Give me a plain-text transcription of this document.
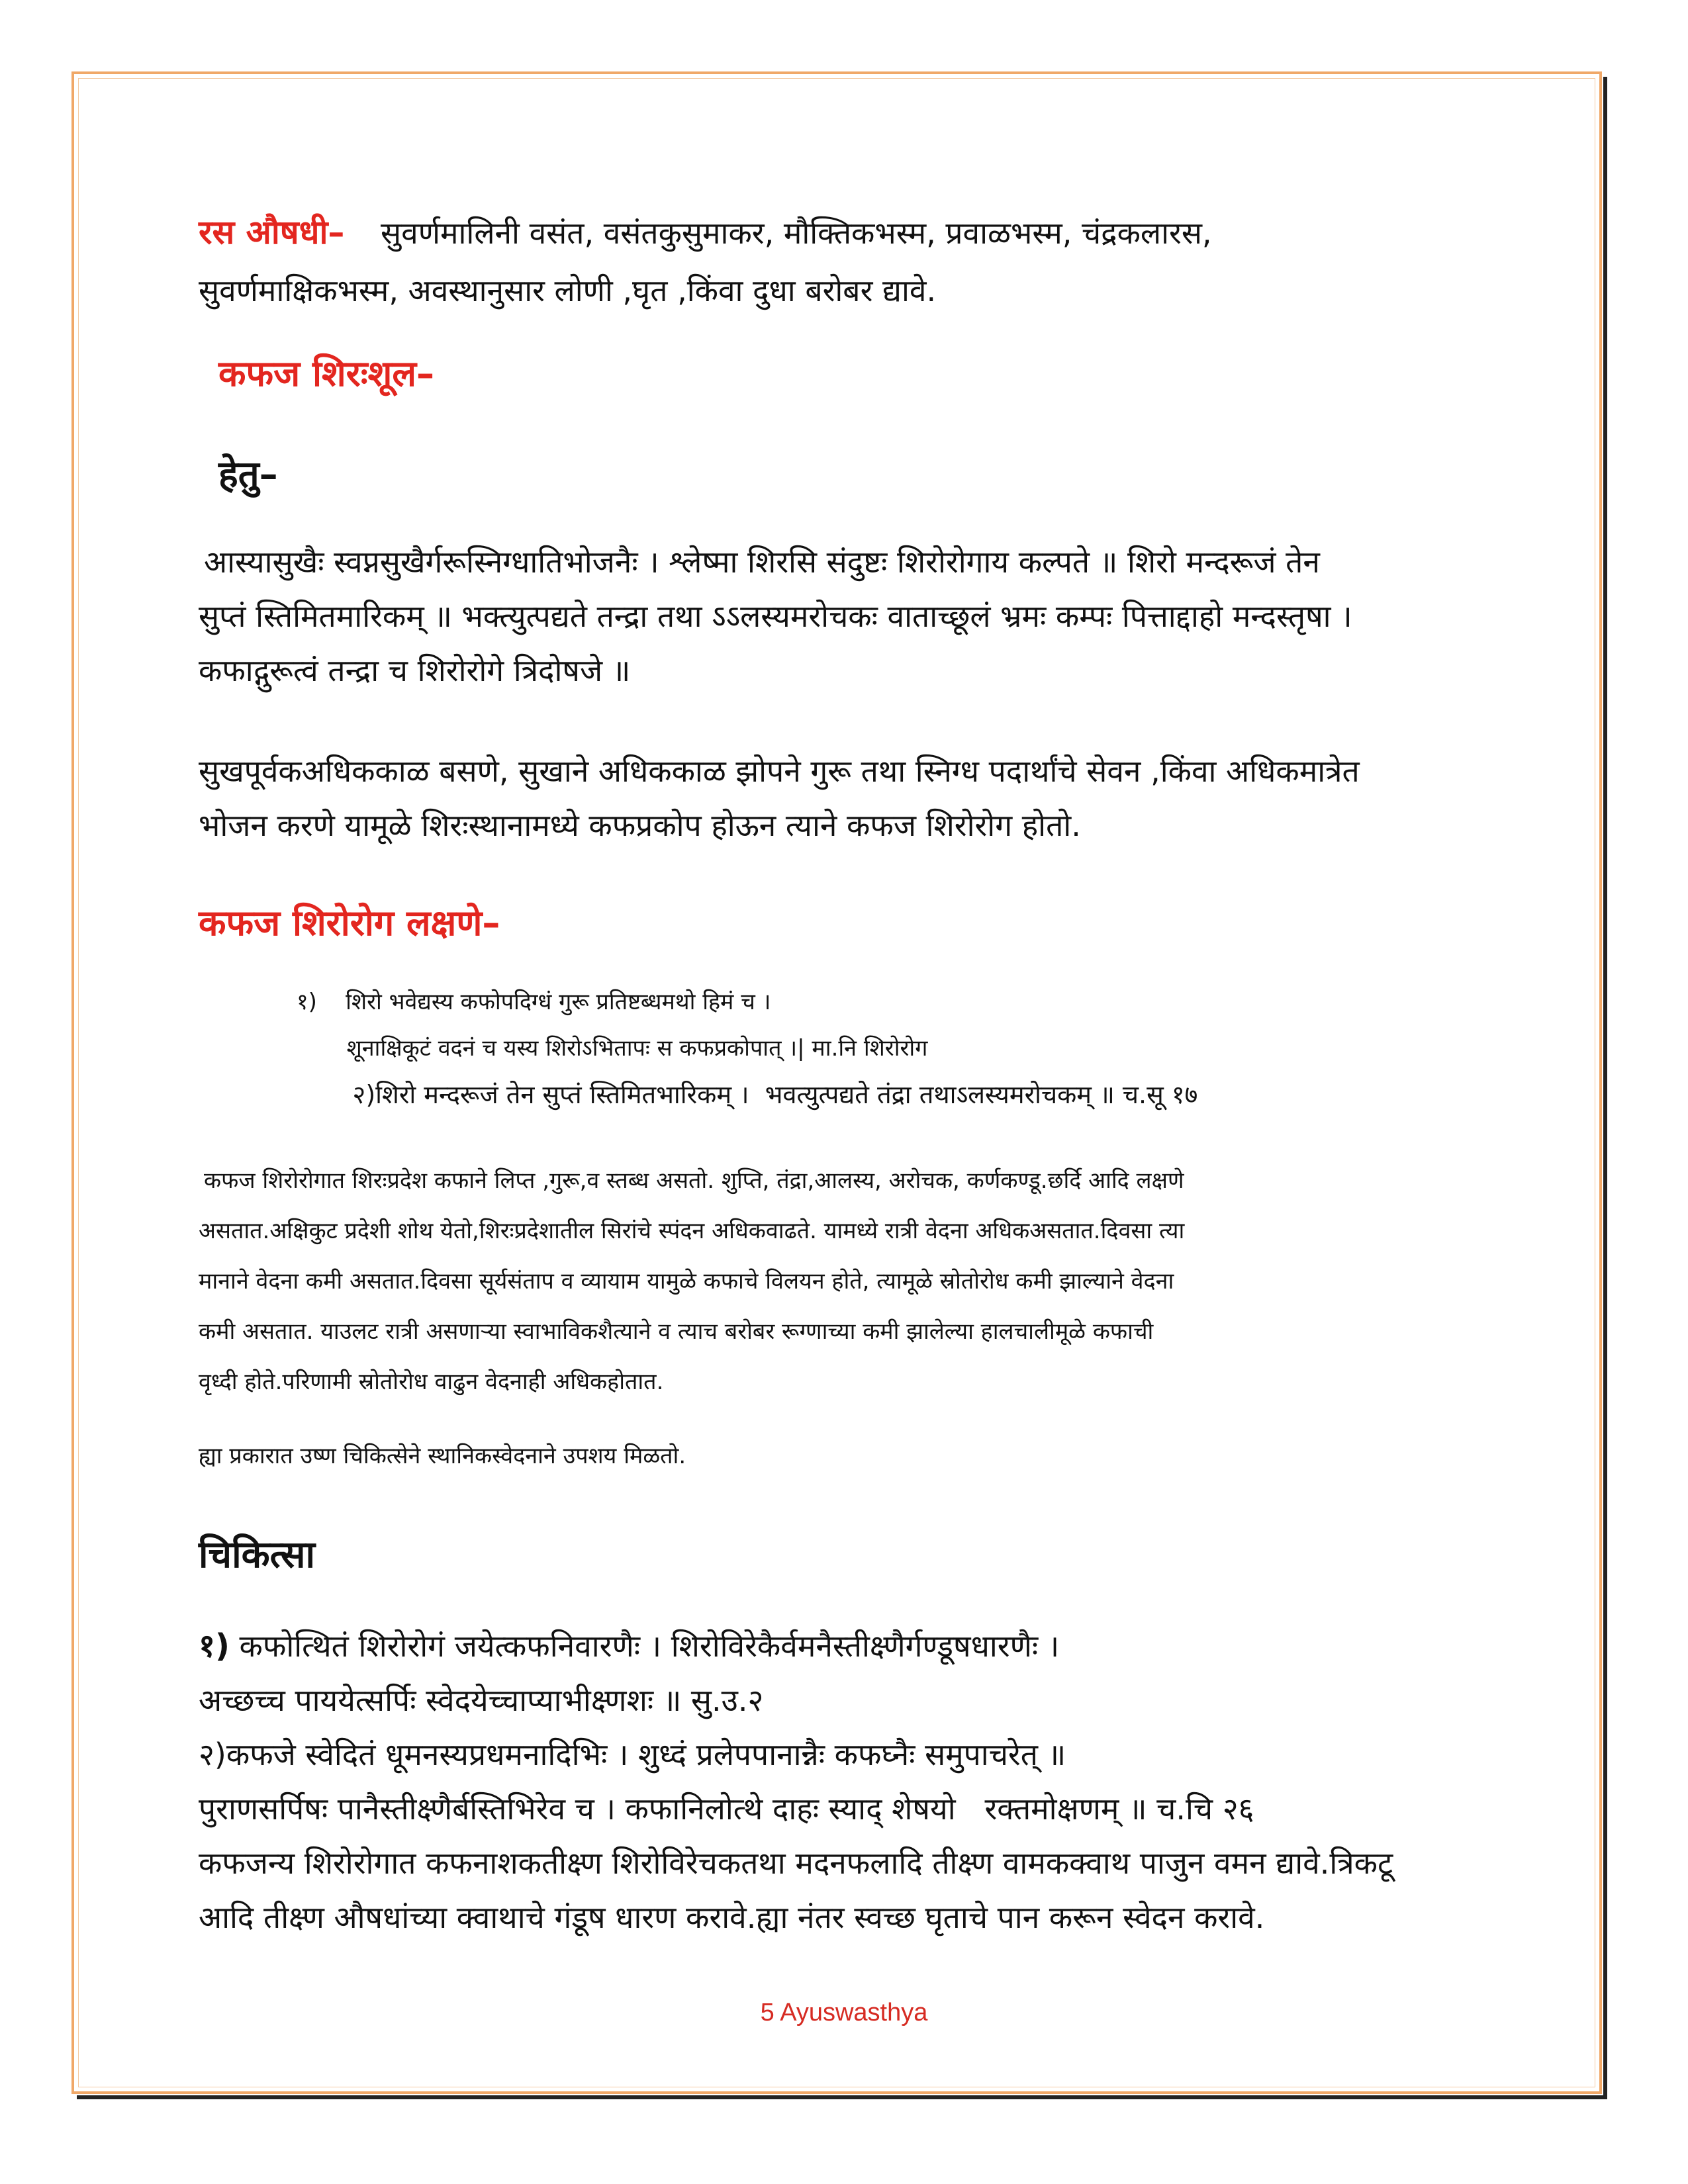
रस औषधी– सुवर्णमालिनी वसंत, वसंतकुसुमाकर, मौक्तिकभस्म, प्रवाळभस्म, चंद्रकलारस,

सुवर्णमाक्षिकभस्म, अवस्थानुसार लोणी ,घृत ,किंवा दुधा बरोबर द्यावे.

कफज शिरःशूल–

हेतु–

आस्यासुखैः स्वप्नसुखैर्गरूस्निग्धातिभोजनैः । श्लेष्मा शिरसि संदुष्टः शिरोरोगाय कल्पते ॥ शिरो मन्दरूजं तेन

सुप्तं स्तिमितमारिकम् ॥ भक्त्युत्पद्यते तन्द्रा तथा ऽऽलस्यमरोचकः वाताच्छूलं भ्रमः कम्पः पित्ताद्दाहो मन्दस्तृषा ।

कफाद्गुरूत्वं तन्द्रा च शिरोरोगे त्रिदोषजे ॥

सुखपूर्वकअधिककाळ बसणे, सुखाने अधिककाळ झोपने गुरू तथा स्निग्ध पदार्थांचे सेवन ,किंवा अधिकमात्रेत

भोजन करणे यामूळे शिरःस्थानामध्ये कफप्रकोप होऊन त्याने कफज शिरोरोग होतो.

कफज शिरोरोग लक्षणे–

१)    शिरो भवेद्यस्य कफोपदिग्धं गुरू प्रतिष्टब्धमथो हिमं च ।

शूनाक्षिकूटं वदनं च यस्य शिरोऽभितापः स कफप्रकोपात् ।| मा.नि शिरोरोग

२)शिरो मन्दरूजं तेन सुप्तं स्तिमितभारिकम् ।  भवत्युत्पद्यते तंद्रा तथाऽलस्यमरोचकम् ॥ च.सू १७

कफज शिरोरोगात शिरःप्रदेश कफाने लिप्त ,गुरू,व स्तब्ध असतो. शुप्ति, तंद्रा,आलस्य, अरोचक, कर्णकण्डू.छर्दि आदि लक्षणे

असतात.अक्षिकुट प्रदेशी शोथ येतो,शिरःप्रदेशातील सिरांचे स्पंदन अधिकवाढते. यामध्ये रात्री वेदना अधिकअसतात.दिवसा त्या

मानाने वेदना कमी असतात.दिवसा सूर्यसंताप व व्यायाम यामुळे कफाचे विलयन होते, त्यामूळे स्रोतोरोध कमी झाल्याने वेदना

कमी असतात. याउलट रात्री असणाऱ्या स्वाभाविकशैत्याने व त्याच बरोबर रूग्णाच्या कमी झालेल्या हालचालीमूळे कफाची

वृध्दी होते.परिणामी स्रोतोरोध वाढुन वेदनाही अधिकहोतात.

ह्या प्रकारात उष्ण चिकित्सेने स्थानिकस्वेदनाने उपशय मिळतो.

चिकित्सा

१) कफोत्थितं शिरोरोगं जयेत्कफनिवारणैः । शिरोविरेकैर्वमनैस्तीक्ष्णैर्गण्डूषधारणैः ।

अच्छच्च पाययेत्सर्पिः स्वेदयेच्चाप्याभीक्ष्णशः ॥ सु.उ.२

२)कफजे स्वेदितं धूमनस्यप्रधमनादिभिः । शुध्दं प्रलेपपानान्नैः कफघ्नैः समुपाचरेत् ॥

पुराणसर्पिषः पानैस्तीक्ष्णैर्बस्तिभिरेव च । कफानिलोत्थे दाहः स्याद् शेषयो   रक्तमोक्षणम् ॥ च.चि २६

कफजन्य शिरोरोगात कफनाशकतीक्ष्ण शिरोविरेचकतथा मदनफलादि तीक्ष्ण वामकक्वाथ पाजुन वमन द्यावे.त्रिकटू

आदि तीक्ष्ण औषधांच्या क्वाथाचे गंडूष धारण करावे.ह्या नंतर स्वच्छ घृताचे पान करून स्वेदन करावे.

5 Ayuswasthya
